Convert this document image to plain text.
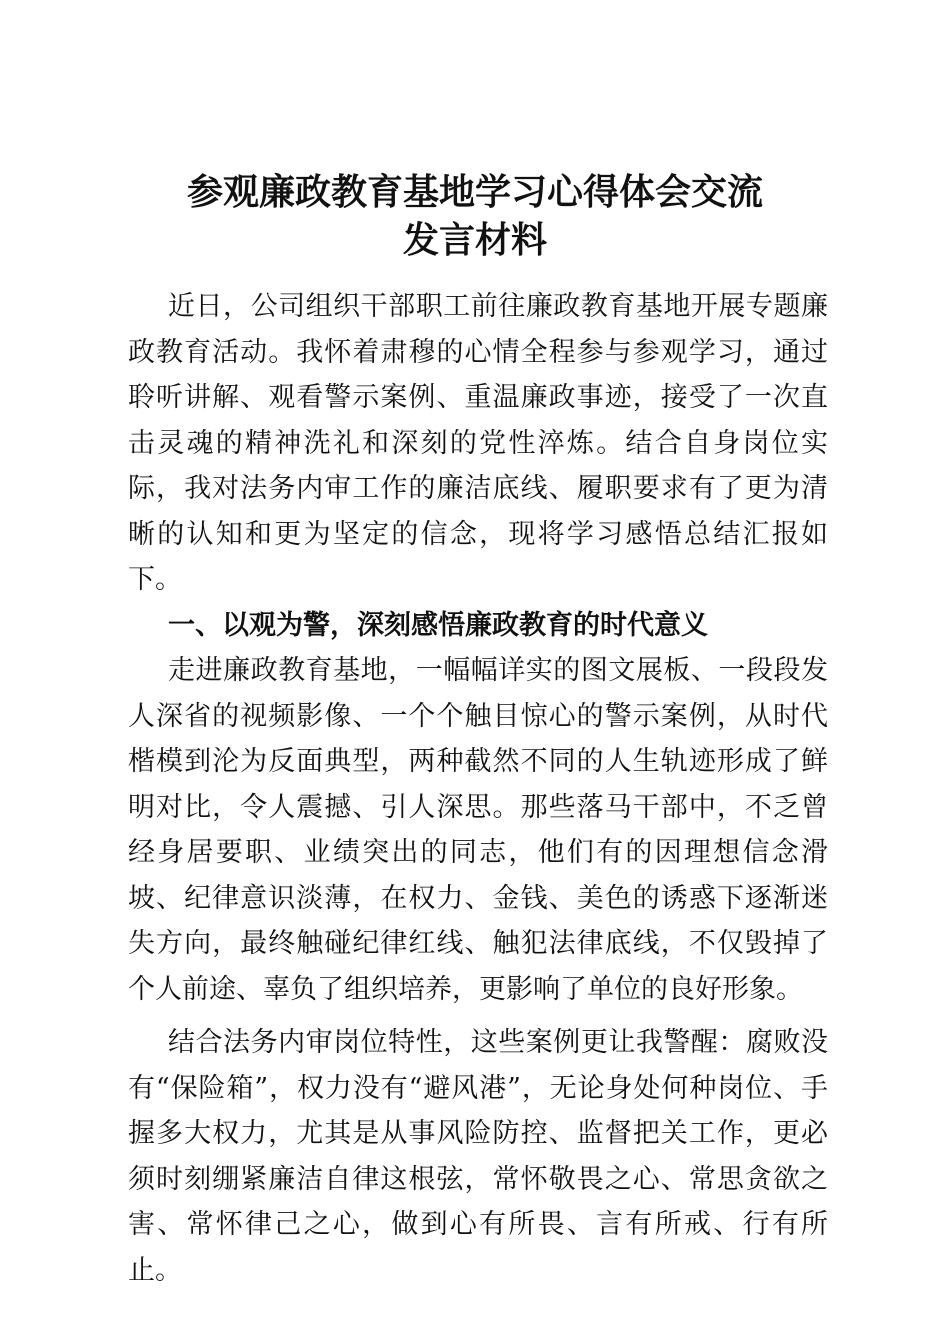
参观廉政教育基地学习心得体会交流
发言材料

近日，公司组织干部职工前往廉政教育基地开展专题廉政教育活动。我怀着肃穆的心情全程参与参观学习，通过聆听讲解、观看警示案例、重温廉政事迹，接受了一次直击灵魂的精神洗礼和深刻的党性淬炼。结合自身岗位实际，我对法务内审工作的廉洁底线、履职要求有了更为清晰的认知和更为坚定的信念，现将学习感悟总结汇报如下。

一、以观为警，深刻感悟廉政教育的时代意义

走进廉政教育基地，一幅幅详实的图文展板、一段段发人深省的视频影像、一个个触目惊心的警示案例，从时代楷模到沦为反面典型，两种截然不同的人生轨迹形成了鲜明对比，令人震撼、引人深思。那些落马干部中，不乏曾经身居要职、业绩突出的同志，他们有的因理想信念滑坡、纪律意识淡薄，在权力、金钱、美色的诱惑下逐渐迷失方向，最终触碰纪律红线、触犯法律底线，不仅毁掉了个人前途、辜负了组织培养，更影响了单位的良好形象。

结合法务内审岗位特性，这些案例更让我警醒：腐败没有“保险箱”，权力没有“避风港”，无论身处何种岗位、手握多大权力，尤其是从事风险防控、监督把关工作，更必须时刻绷紧廉洁自律这根弦，常怀敬畏之心、常思贪欲之害、常怀律己之心，做到心有所畏、言有所戒、行有所止。
